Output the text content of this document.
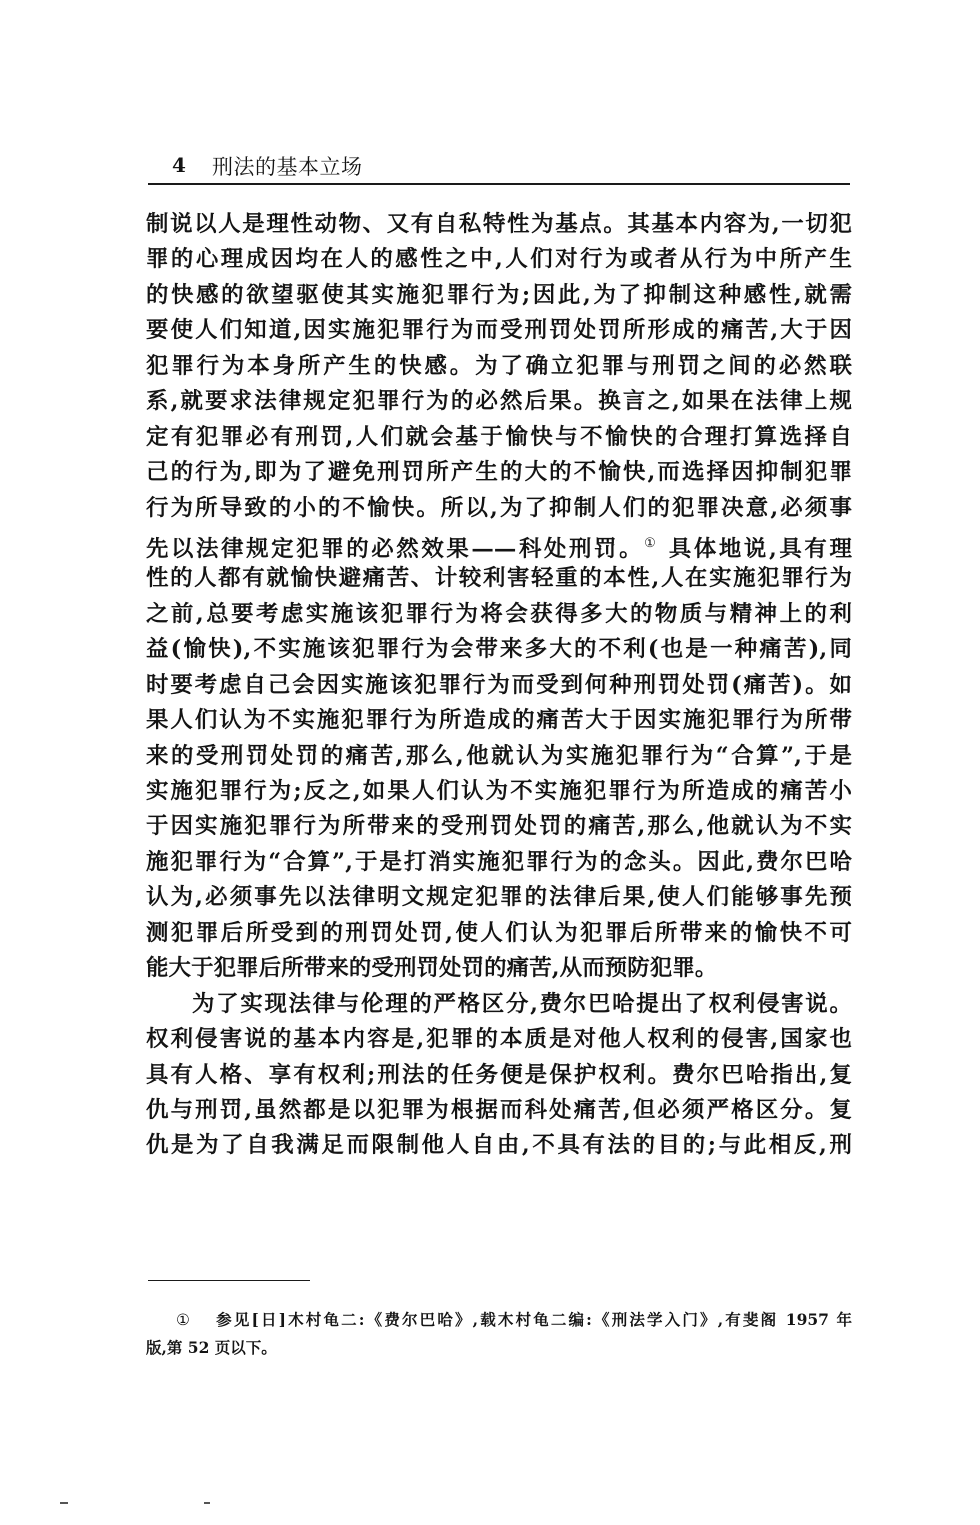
4 刑法的基本立场
制说以人是理性动物、又有自私特性为基点。其基本内容为,一切犯
罪的心理成因均在人的感性之中,人们对行为或者从行为中所产生
的快感的欲望驱使其实施犯罪行为;因此,为了抑制这种感性,就需
要使人们知道,因实施犯罪行为而受刑罚处罚所形成的痛苦,大于因
犯罪行为本身所产生的快感。为了确立犯罪与刑罚之间的必然联
系,就要求法律规定犯罪行为的必然后果。换言之,如果在法律上规
定有犯罪必有刑罚,人们就会基于愉快与不愉快的合理打算选择自
己的行为,即为了避免刑罚所产生的大的不愉快,而选择因抑制犯罪
行为所导致的小的不愉快。所以,为了抑制人们的犯罪决意,必须事
先以法律规定犯罪的必然效果——科处刑罚。① 具体地说,具有理
性的人都有就愉快避痛苦、计较利害轻重的本性,人在实施犯罪行为
之前,总要考虑实施该犯罪行为将会获得多大的物质与精神上的利
益(愉快),不实施该犯罪行为会带来多大的不利(也是一种痛苦),同
时要考虑自己会因实施该犯罪行为而受到何种刑罚处罚(痛苦)。如
果人们认为不实施犯罪行为所造成的痛苦大于因实施犯罪行为所带
来的受刑罚处罚的痛苦,那么,他就认为实施犯罪行为“合算”,于是
实施犯罪行为;反之,如果人们认为不实施犯罪行为所造成的痛苦小
于因实施犯罪行为所带来的受刑罚处罚的痛苦,那么,他就认为不实
施犯罪行为“合算”,于是打消实施犯罪行为的念头。因此,费尔巴哈
认为,必须事先以法律明文规定犯罪的法律后果,使人们能够事先预
测犯罪后所受到的刑罚处罚,使人们认为犯罪后所带来的愉快不可
能大于犯罪后所带来的受刑罚处罚的痛苦,从而预防犯罪。
为了实现法律与伦理的严格区分,费尔巴哈提出了权利侵害说。
权利侵害说的基本内容是,犯罪的本质是对他人权利的侵害,国家也
具有人格、享有权利;刑法的任务便是保护权利。费尔巴哈指出,复
仇与刑罚,虽然都是以犯罪为根据而科处痛苦,但必须严格区分。复
仇是为了自我满足而限制他人自由,不具有法的目的;与此相反,刑
① 参见[日]木村龟二:《费尔巴哈》,载木村龟二编:《刑法学入门》,有斐阁 1957 年
版,第 52 页以下。
